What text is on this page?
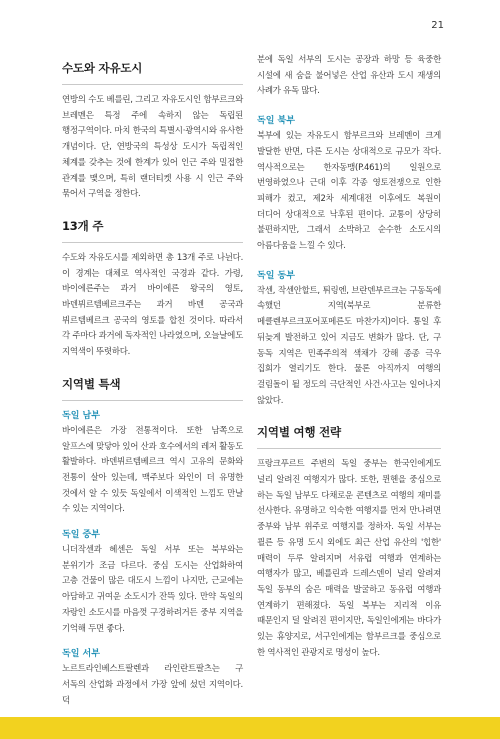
21
수도와 자유도시

연방의 수도 베를린, 그리고 자유도시인 함부르크와 브레멘은 특정 주에 속하지 않는 독립된 행정구역이다. 마치 한국의 특별시·광역시와 유사한 개념이다. 단, 연방국의 특성상 도시가 독립적인 체계를 갖추는 것에 한계가 있어 인근 주와 밀접한 관계를 맺으며, 특히 랜더티켓 사용 시 인근 주와 묶어서 구역을 정한다.

13개 주

수도와 자유도시를 제외하면 총 13개 주로 나뉜다. 이 경계는 대체로 역사적인 국경과 같다. 가령, 바이에른주는 과거 바이에른 왕국의 영토, 바덴뷔르템베르크주는 과거 바덴 공국과 뷔르템베르크 공국의 영토를 합친 것이다. 따라서 각 주마다 과거에 독자적인 나라였으며, 오늘날에도 지역색이 뚜렷하다.

지역별 특색
독일 남부

바이에른은 가장 전통적이다. 또한 남쪽으로 알프스에 맞닿아 있어 산과 호수에서의 레저 활동도 활발하다. 바덴뷔르템베르크 역시 고유의 문화와 전통이 살아 있는데, 맥주보다 와인이 더 유명한 것에서 알 수 있듯 독일에서 이색적인 느낌도 만날 수 있는 지역이다.

독일 중부

니더작센과 헤센은 독일 서부 또는 북부와는 분위기가 조금 다르다. 중심 도시는 산업화하여 고층 건물이 많은 대도시 느낌이 나지만, 근교에는 아담하고 귀여운 소도시가 잔뜩 있다. 만약 독일의 자랑인 소도시를 마음껏 구경하려거든 중부 지역을 기억해 두면 좋다.

독일 서부

노르트라인베스트팔렌과 라인란트팔츠는 구 서독의 산업화 과정에서 가장 앞에 섰던 지역이다. 덕

분에 독일 서부의 도시는 공장과 하망 등 육중한 시설에 새 숨을 불어넣은 산업 유산과 도시 재생의 사례가 유독 많다.

독일 북부

북부에 있는 자유도시 함부르크와 브레멘이 크게 발달한 반면, 다른 도시는 상대적으로 규모가 작다. 역사적으로는 한자동맹(P.461)의 일원으로 번영하였으나 근대 이후 각종 영토전쟁으로 인한 피해가 컸고, 제2차 세계대전 이후에도 복원이 더디어 상대적으로 낙후된 편이다. 교통이 상당히 불편하지만, 그래서 소박하고 순수한 소도시의 아름다움을 느낄 수 있다.

독일 동부

작센, 작센안할트, 튀링엔, 브란덴부르크는 구동독에 속했던 지역(북부로 분류한 메클렌부르크포어포메른도 마찬가지)이다. 통일 후 뒤늦게 발전하고 있어 지금도 변화가 많다. 단, 구 동독 지역은 민족주의적 색채가 강해 종종 극우 집회가 열리기도 한다. 물론 아직까지 여행의 걸림돌이 될 정도의 극단적인 사건·사고는 일어나지 않았다.

지역별 여행 전략

프랑크푸르트 주변의 독일 중부는 한국인에게도 널리 알려진 여행지가 많다. 또한, 뮌헨을 중심으로 하는 독일 남부도 다채로운 콘텐츠로 여행의 재미를 선사한다. 유명하고 익숙한 여행지를 먼저 만나려면 중부와 남부 위주로 여행지를 정하자. 독일 서부는 쾰른 등 유명 도시 외에도 최근 산업 유산의 '힙한' 매력이 두루 알려지며 서유럽 여행과 연계하는 여행자가 많고, 베를린과 드레스덴이 널리 알려져 독일 동부의 숨은 매력을 발굴하고 동유럽 여행과 연계하기 편해졌다. 독일 북부는 지리적 이유 때문인지 덜 알려진 편이지만, 독일인에게는 바다가 있는 휴양지로, 서구인에게는 함부르크를 중심으로 한 역사적인 관광지로 명성이 높다.
